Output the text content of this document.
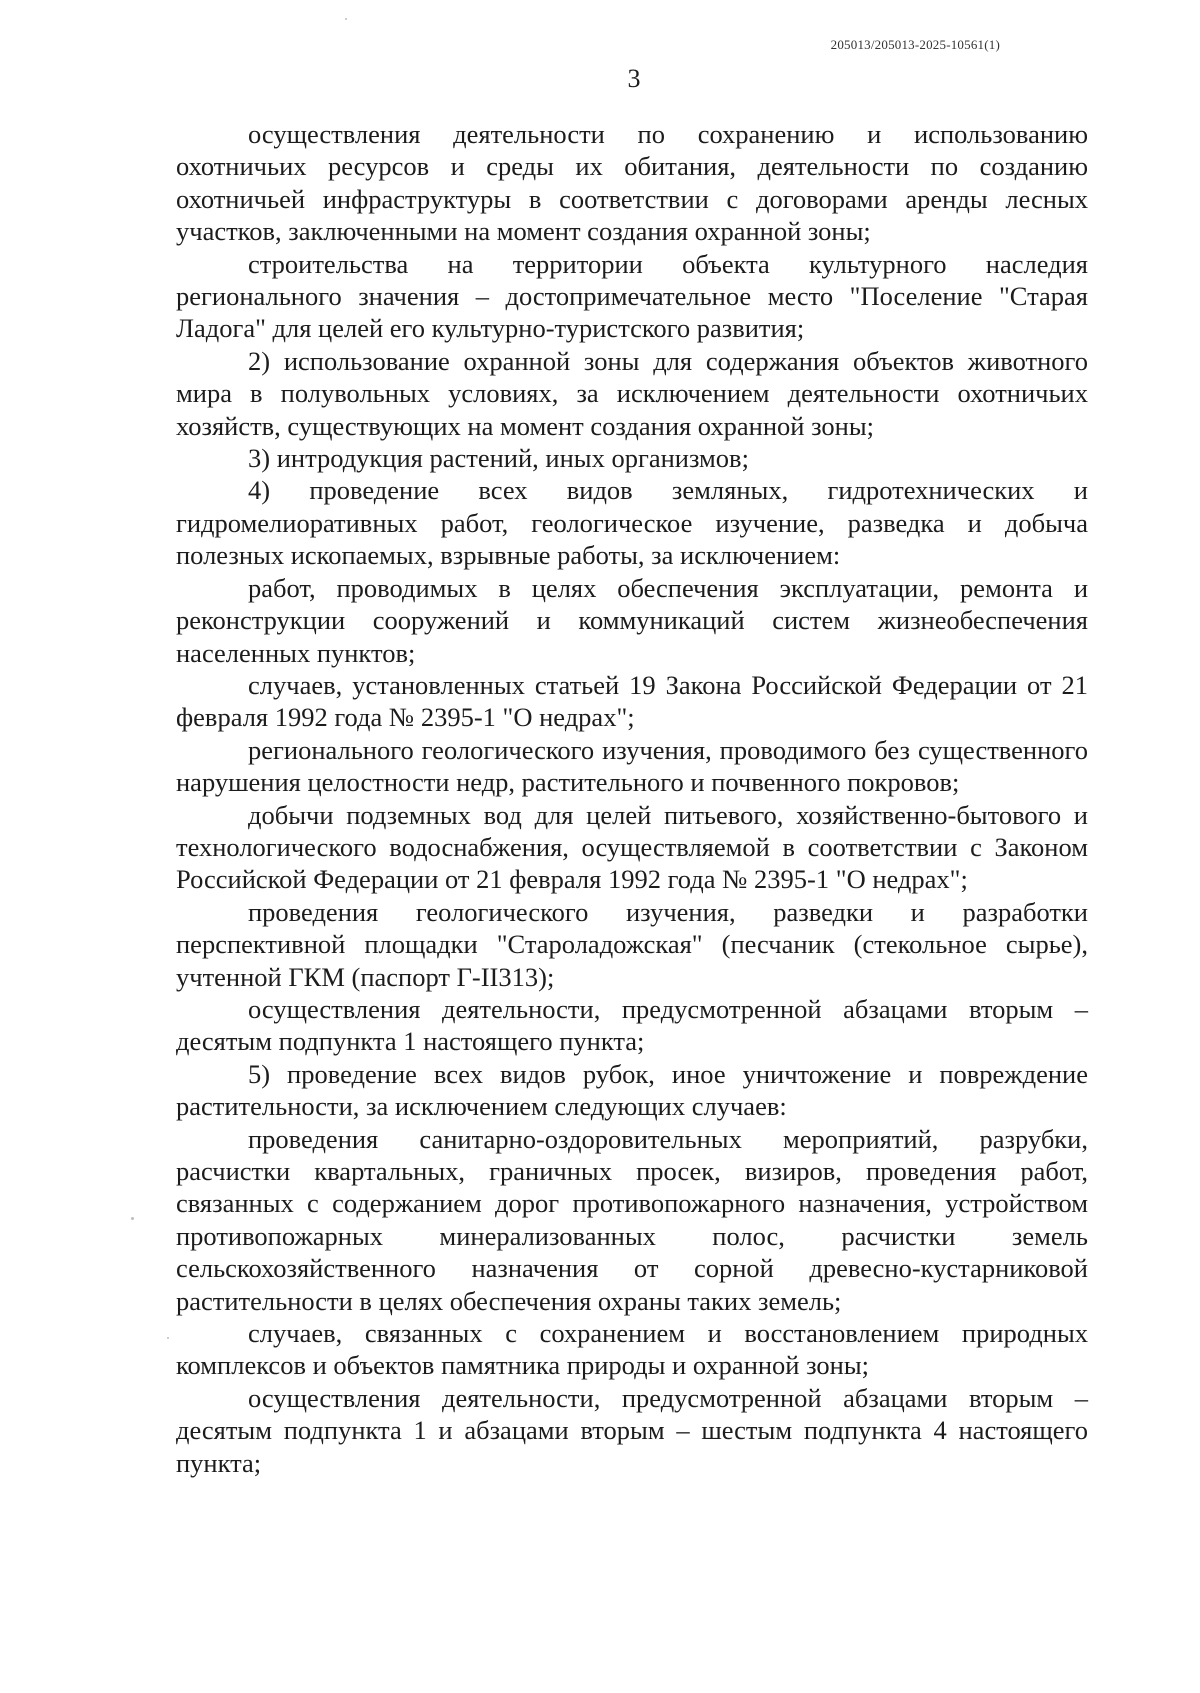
205013/205013-2025-10561(1)
3

осуществления деятельности по сохранению и использованию охотничьих ресурсов и среды их обитания, деятельности по созданию охотничьей инфраструктуры в соответствии с договорами аренды лесных участков, заключенными на момент создания охранной зоны;

строительства на территории объекта культурного наследия регионального значения – достопримечательное место "Поселение "Старая Ладога" для целей его культурно-туристского развития;

2) использование охранной зоны для содержания объектов животного мира в полувольных условиях, за исключением деятельности охотничьих хозяйств, существующих на момент создания охранной зоны;

3) интродукция растений, иных организмов;

4) проведение всех видов земляных, гидротехнических и гидромелиоративных работ, геологическое изучение, разведка и добыча полезных ископаемых, взрывные работы, за исключением:

работ, проводимых в целях обеспечения эксплуатации, ремонта и реконструкции сооружений и коммуникаций систем жизнеобеспечения населенных пунктов;

случаев, установленных статьей 19 Закона Российской Федерации от 21 февраля 1992 года № 2395-1 "О недрах";

регионального геологического изучения, проводимого без существенного нарушения целостности недр, растительного и почвенного покровов;

добычи подземных вод для целей питьевого, хозяйственно-бытового и технологического водоснабжения, осуществляемой в соответствии с Законом Российской Федерации от 21 февраля 1992 года № 2395-1 "О недрах";

проведения геологического изучения, разведки и разработки перспективной площадки "Староладожская" (песчаник (стекольное сырье), учтенной ГКМ (паспорт Г-II313);

осуществления деятельности, предусмотренной абзацами вторым – десятым подпункта 1 настоящего пункта;

5) проведение всех видов рубок, иное уничтожение и повреждение растительности, за исключением следующих случаев:

проведения санитарно-оздоровительных мероприятий, разрубки, расчистки квартальных, граничных просек, визиров, проведения работ, связанных с содержанием дорог противопожарного назначения, устройством противопожарных минерализованных полос, расчистки земель сельскохозяйственного назначения от сорной древесно-кустарниковой растительности в целях обеспечения охраны таких земель;

случаев, связанных с сохранением и восстановлением природных комплексов и объектов памятника природы и охранной зоны;

осуществления деятельности, предусмотренной абзацами вторым – десятым подпункта 1 и абзацами вторым – шестым подпункта 4 настоящего пункта;
